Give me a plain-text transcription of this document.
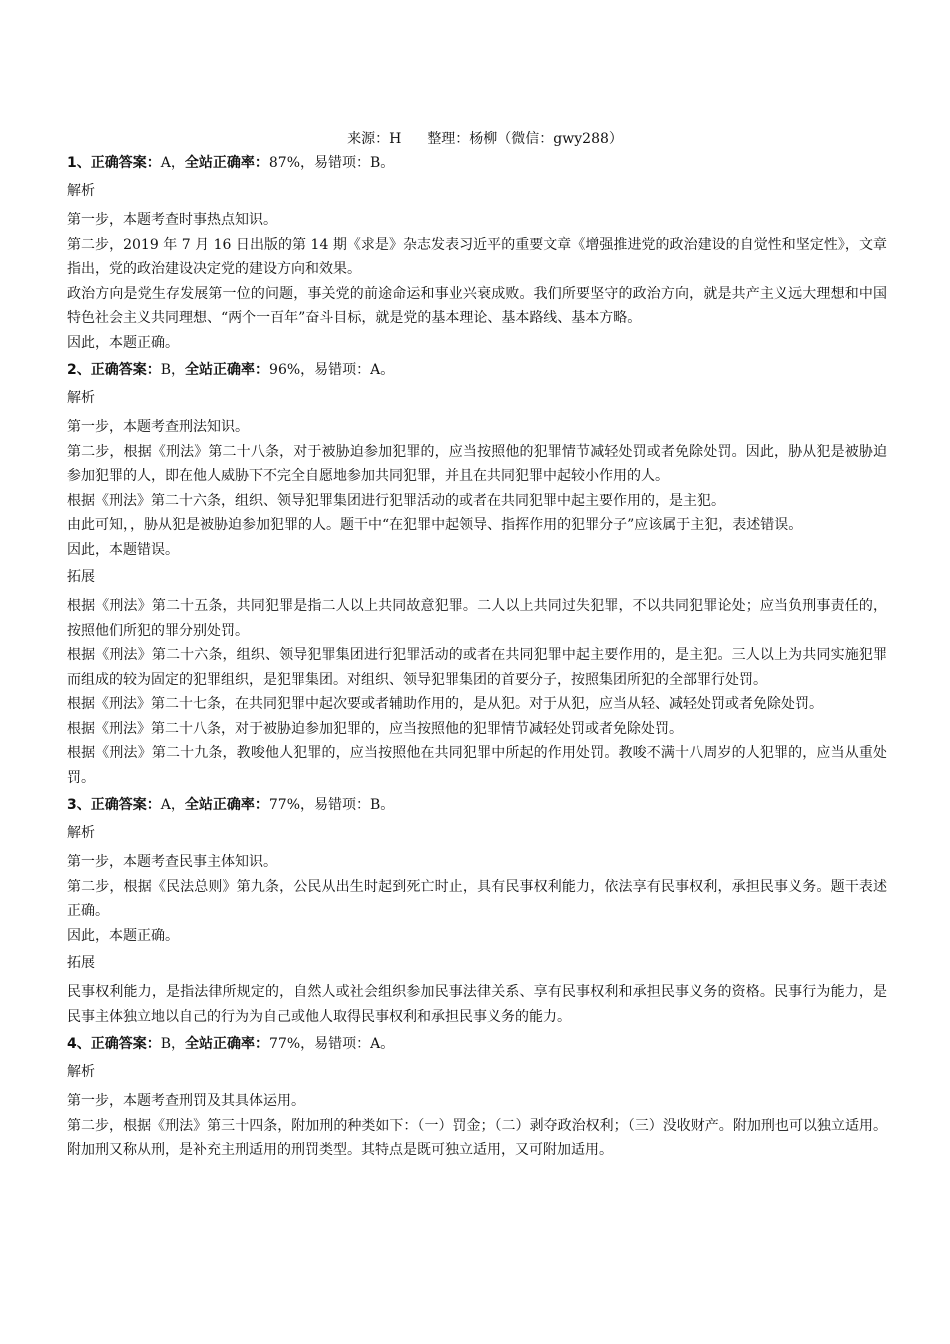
来源：H 整理：杨柳（微信：gwy288）
1、正确答案：A，全站正确率：87%，易错项：B。
解析
第一步，本题考查时事热点知识。
第二步，2019 年 7 月 16 日出版的第 14 期《求是》杂志发表习近平的重要文章《增强推进党的政治建设的自觉性和坚定性》，文章指出，党的政治建设决定党的建设方向和效果。
政治方向是党生存发展第一位的问题，事关党的前途命运和事业兴衰成败。我们所要坚守的政治方向，就是共产主义远大理想和中国特色社会主义共同理想、“两个一百年”奋斗目标，就是党的基本理论、基本路线、基本方略。
因此，本题正确。
2、正确答案：B，全站正确率：96%，易错项：A。
解析
第一步，本题考查刑法知识。
第二步，根据《刑法》第二十八条，对于被胁迫参加犯罪的，应当按照他的犯罪情节减轻处罚或者免除处罚。因此，胁从犯是被胁迫参加犯罪的人，即在他人威胁下不完全自愿地参加共同犯罪，并且在共同犯罪中起较小作用的人。
根据《刑法》第二十六条，组织、领导犯罪集团进行犯罪活动的或者在共同犯罪中起主要作用的，是主犯。
由此可知，，胁从犯是被胁迫参加犯罪的人。题干中“在犯罪中起领导、指挥作用的犯罪分子”应该属于主犯，表述错误。
因此，本题错误。
拓展
根据《刑法》第二十五条，共同犯罪是指二人以上共同故意犯罪。二人以上共同过失犯罪，不以共同犯罪论处；应当负刑事责任的，按照他们所犯的罪分别处罚。
根据《刑法》第二十六条，组织、领导犯罪集团进行犯罪活动的或者在共同犯罪中起主要作用的，是主犯。三人以上为共同实施犯罪而组成的较为固定的犯罪组织，是犯罪集团。对组织、领导犯罪集团的首要分子，按照集团所犯的全部罪行处罚。
根据《刑法》第二十七条，在共同犯罪中起次要或者辅助作用的，是从犯。对于从犯，应当从轻、减轻处罚或者免除处罚。
根据《刑法》第二十八条，对于被胁迫参加犯罪的，应当按照他的犯罪情节减轻处罚或者免除处罚。
根据《刑法》第二十九条，教唆他人犯罪的，应当按照他在共同犯罪中所起的作用处罚。教唆不满十八周岁的人犯罪的，应当从重处罚。
3、正确答案：A，全站正确率：77%，易错项：B。
解析
第一步，本题考查民事主体知识。
第二步，根据《民法总则》第九条，公民从出生时起到死亡时止，具有民事权利能力，依法享有民事权利，承担民事义务。题干表述正确。
因此，本题正确。
拓展
民事权利能力，是指法律所规定的，自然人或社会组织参加民事法律关系、享有民事权利和承担民事义务的资格。民事行为能力，是民事主体独立地以自己的行为为自己或他人取得民事权利和承担民事义务的能力。
4、正确答案：B，全站正确率：77%，易错项：A。
解析
第一步，本题考查刑罚及其具体运用。
第二步，根据《刑法》第三十四条，附加刑的种类如下：（一）罚金；（二）剥夺政治权利；（三）没收财产。附加刑也可以独立适用。附加刑又称从刑，是补充主刑适用的刑罚类型。其特点是既可独立适用，又可附加适用。
